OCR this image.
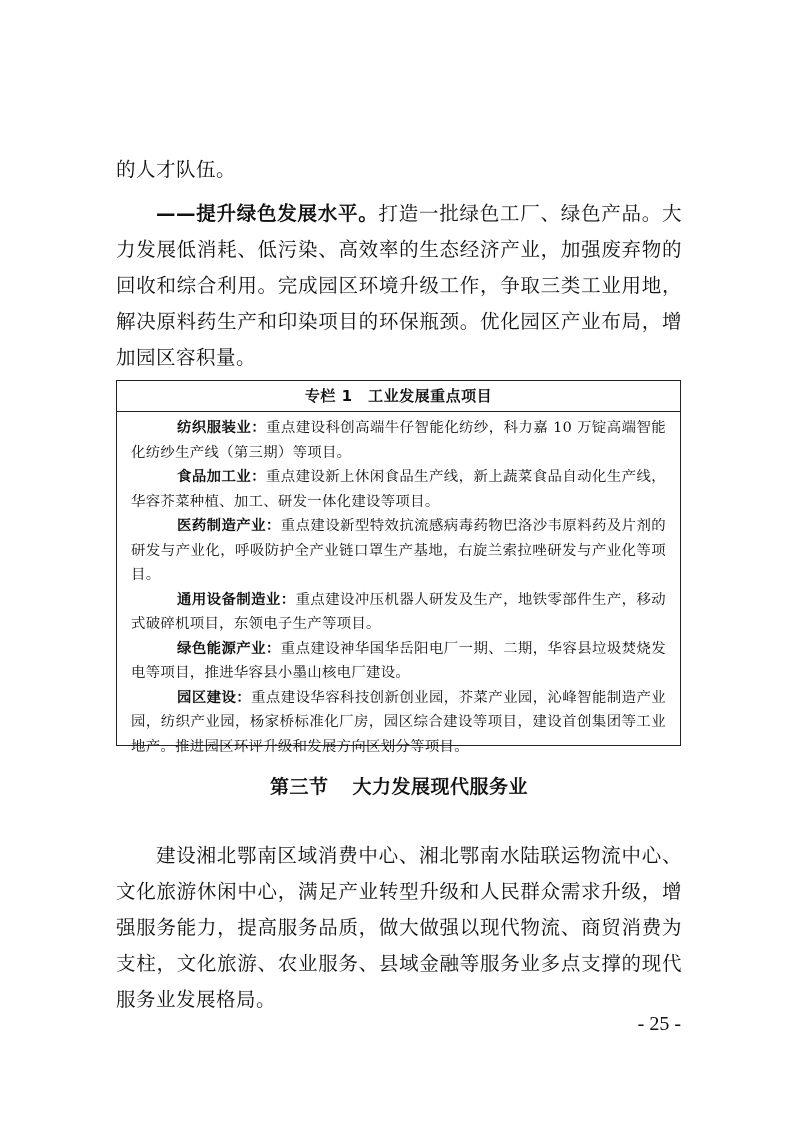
的人才队伍。

——提升绿色发展水平。打造一批绿色工厂、绿色产品。大力发展低消耗、低污染、高效率的生态经济产业，加强废弃物的回收和综合利用。完成园区环境升级工作，争取三类工业用地，解决原料药生产和印染项目的环保瓶颈。优化园区产业布局，增加园区容积量。

专栏 1　工业发展重点项目

纺织服装业：重点建设科创高端牛仔智能化纺纱，科力嘉 10 万锭高端智能化纺纱生产线（第三期）等项目。

食品加工业：重点建设新上休闲食品生产线，新上蔬菜食品自动化生产线，华容芥菜种植、加工、研发一体化建设等项目。

医药制造产业：重点建设新型特效抗流感病毒药物巴洛沙韦原料药及片剂的研发与产业化，呼吸防护全产业链口罩生产基地，右旋兰索拉唑研发与产业化等项目。

通用设备制造业：重点建设冲压机器人研发及生产，地铁零部件生产，移动式破碎机项目，东领电子生产等项目。

绿色能源产业：重点建设神华国华岳阳电厂一期、二期，华容县垃圾焚烧发电等项目，推进华容县小墨山核电厂建设。

园区建设：重点建设华容科技创新创业园，芥菜产业园，沁峰智能制造产业园，纺织产业园，杨家桥标准化厂房，园区综合建设等项目，建设首创集团等工业地产。推进园区环评升级和发展方向区划分等项目。

第三节 大力发展现代服务业

建设湘北鄂南区域消费中心、湘北鄂南水陆联运物流中心、文化旅游休闲中心，满足产业转型升级和人民群众需求升级，增强服务能力，提高服务品质，做大做强以现代物流、商贸消费为支柱，文化旅游、农业服务、县域金融等服务业多点支撑的现代服务业发展格局。

- 25 -
